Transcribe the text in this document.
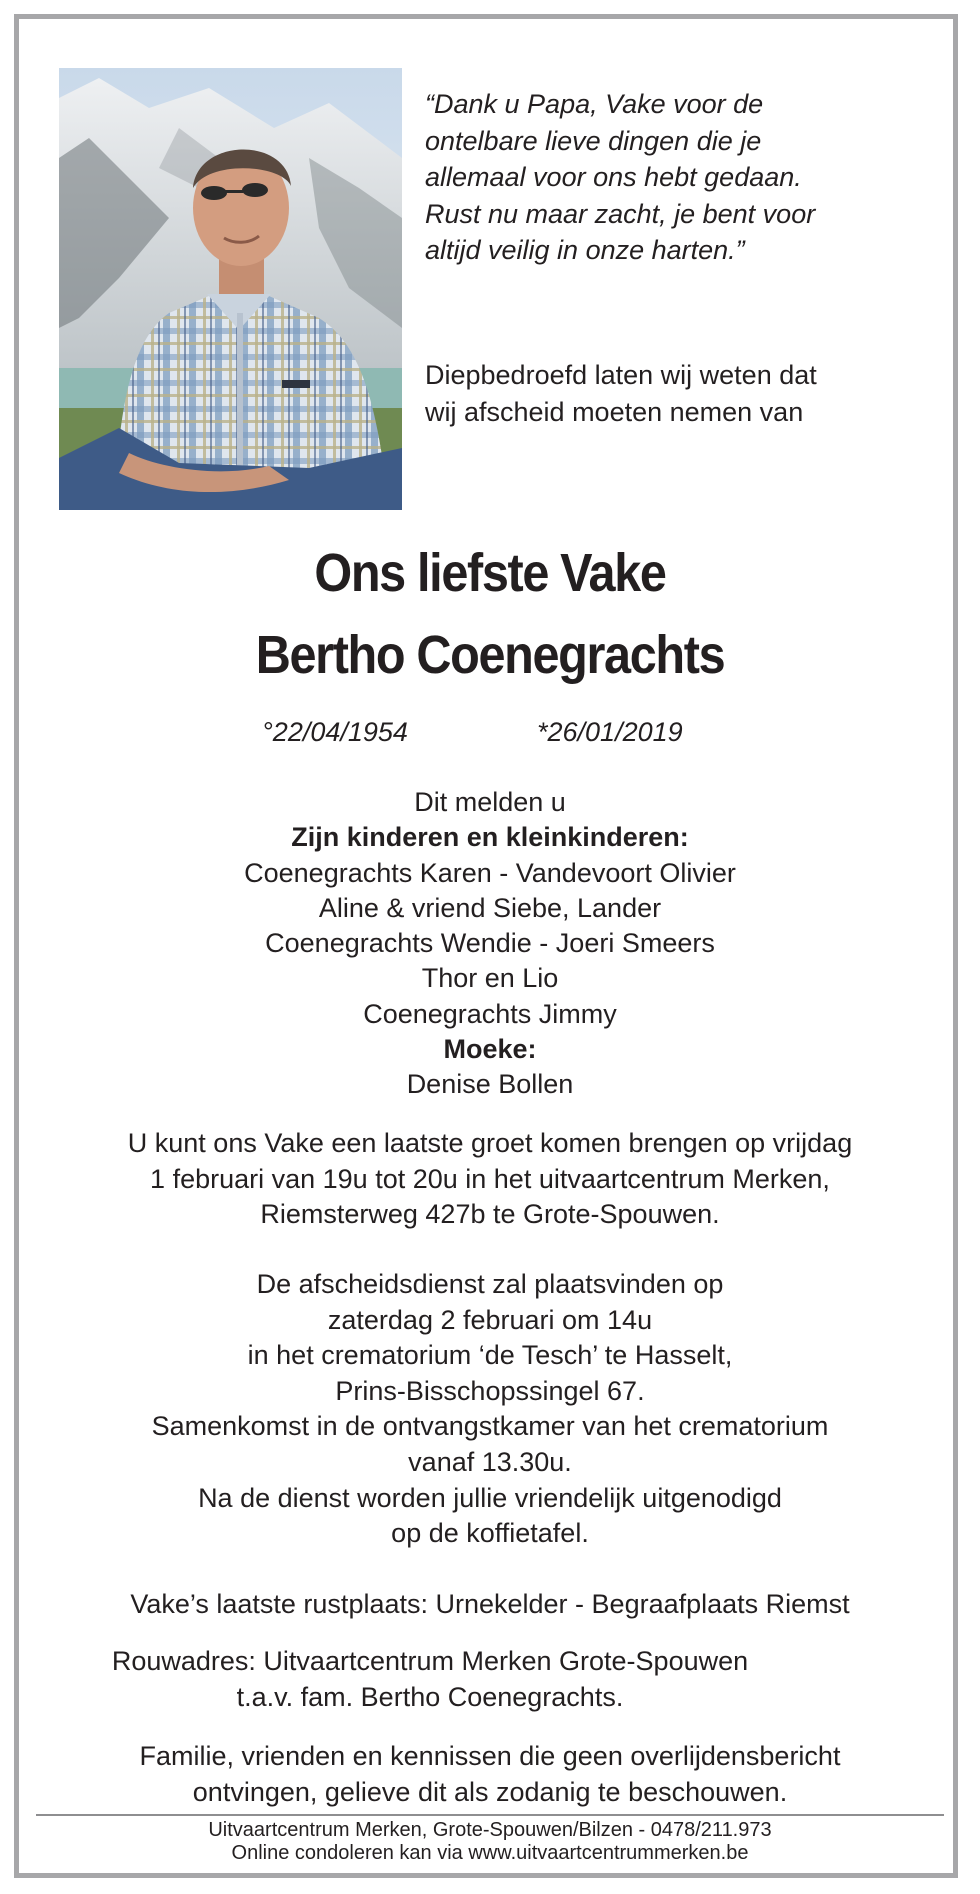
“Dank u Papa, Vake voor de
ontelbare lieve dingen die je
allemaal voor ons hebt gedaan.
Rust nu maar zacht, je bent voor
altijd veilig in onze harten.”
Diepbedroefd laten wij weten dat
wij afscheid moeten nemen van
Ons liefste Vake
Bertho Coenegrachts
°22/04/1954	*26/01/2019
Dit melden u
Zijn kinderen en kleinkinderen:
Coenegrachts Karen - Vandevoort Olivier
Aline & vriend Siebe, Lander
Coenegrachts Wendie - Joeri Smeers
Thor en Lio
Coenegrachts Jimmy
Moeke:
Denise Bollen
U kunt ons Vake een laatste groet komen brengen op vrijdag
1 februari van 19u tot 20u in het uitvaartcentrum Merken,
Riemsterweg 427b te Grote-Spouwen.
De afscheidsdienst zal plaatsvinden op
zaterdag 2 februari om 14u
in het crematorium ‘de Tesch’ te Hasselt,
Prins-Bisschopssingel 67.
Samenkomst in de ontvangstkamer van het crematorium
vanaf 13.30u.
Na de dienst worden jullie vriendelijk uitgenodigd
op de koffietafel.
Vake’s laatste rustplaats: Urnekelder - Begraafplaats Riemst
Rouwadres: Uitvaartcentrum Merken Grote-Spouwen
t.a.v. fam. Bertho Coenegrachts.
Familie, vrienden en kennissen die geen overlijdensbericht
ontvingen, gelieve dit als zodanig te beschouwen.
Uitvaartcentrum Merken, Grote-Spouwen/Bilzen - 0478/211.973
Online condoleren kan via www.uitvaartcentrummerken.be
